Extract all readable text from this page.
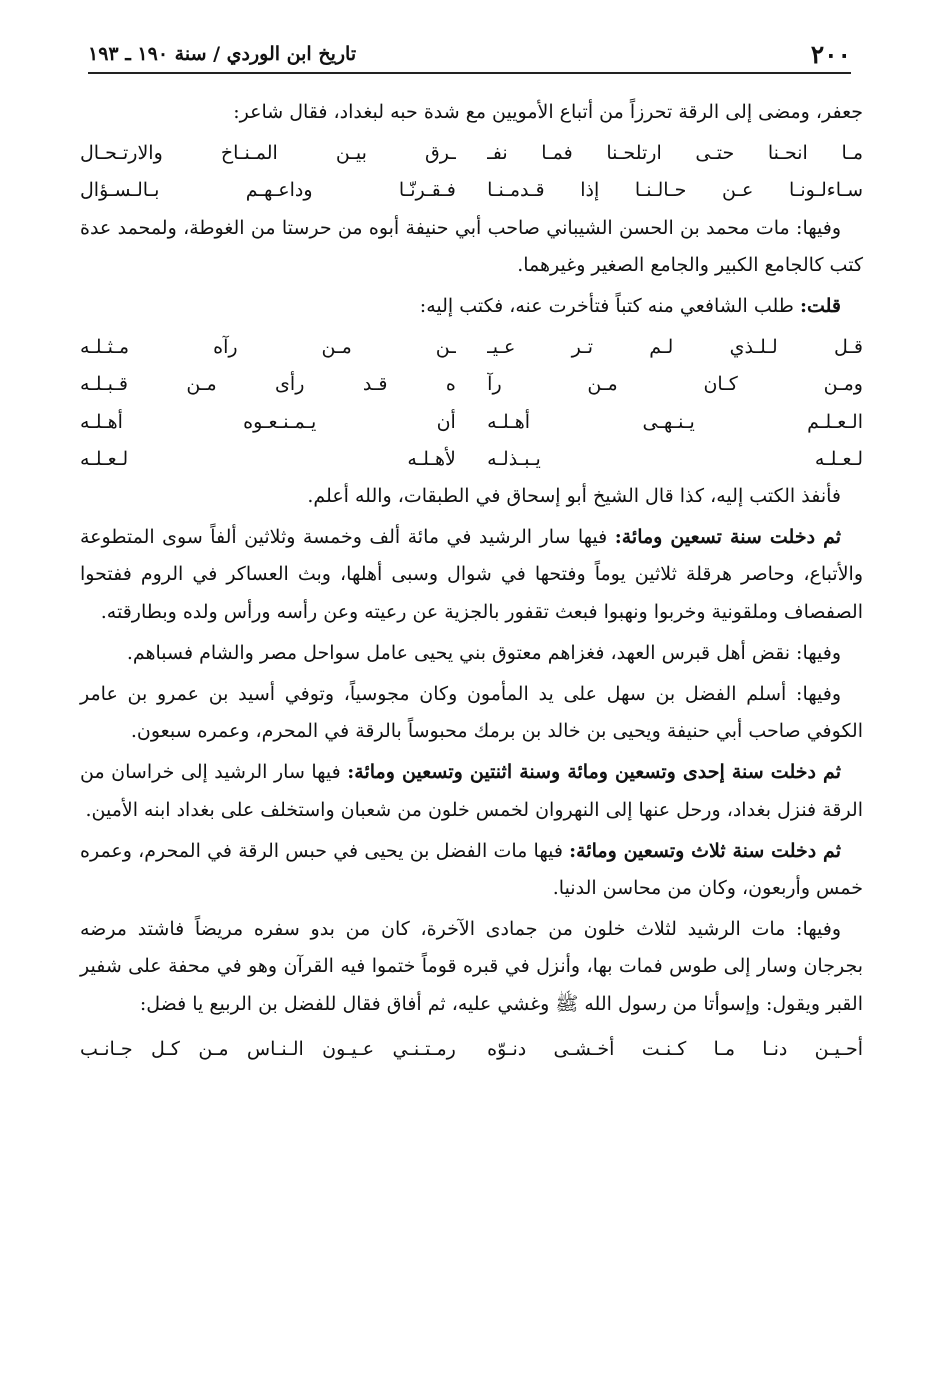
٢٠٠
تاريخ ابن الوردي / سنة ١٩٠ ـ ١٩٣

جعفر، ومضى إلى الرقة تحرزاً من أتباع الأمويين مع شدة حبه لبغداد، فقال شاعر:

مـا انحـنا حتـى ارتلحـنا فمـا نفـ
ـرق بيـن المـنـاخ والارتـحـال
سـاءلـونـا عـن حـالـنـا إذا قـدمـنـا
فـقـرنّـا وداعـهـم بـالـسـؤال

وفيها: مات محمد بن الحسن الشيباني صاحب أبي حنيفة أبوه من حرستا من الغوطة، ولمحمد عدة كتب كالجامع الكبير والجامع الصغير وغيرهما.

قلت: طلب الشافعي منه كتباً فتأخرت عنه، فكتب إليه:

قـل لـلـذي لـم تـر عـيـ
ـن مـن رآه مـثـلـه
ومـن كـان مـن رآ
ه قـد رأى مـن قـبـلـه
الـعـلـم يـنـهـى أهـلـه
أن يـمـنـعـوه أهـلـه
لـعـلـه يـبـذلـه
لأهـلـه لـعـلـه

فأنفذ الكتب إليه، كذا قال الشيخ أبو إسحاق في الطبقات، والله أعلم.

ثم دخلت سنة تسعين ومائة: فيها سار الرشيد في مائة ألف وخمسة وثلاثين ألفاً سوى المتطوعة والأتباع، وحاصر هرقلة ثلاثين يوماً وفتحها في شوال وسبى أهلها، وبث العساكر في الروم ففتحوا الصفصاف وملقونية وخربوا ونهبوا فبعث تقفور بالجزية عن رعيته وعن رأسه ورأس ولده وبطارقته.

وفيها: نقض أهل قبرس العهد، فغزاهم معتوق بني يحيى عامل سواحل مصر والشام فسباهم.

وفيها: أسلم الفضل بن سهل على يد المأمون وكان مجوسياً، وتوفي أسيد بن عمرو بن عامر الكوفي صاحب أبي حنيفة ويحيى بن خالد بن برمك محبوساً بالرقة في المحرم، وعمره سبعون.

ثم دخلت سنة إحدى وتسعين ومائة وسنة اثنتين وتسعين ومائة: فيها سار الرشيد إلى خراسان من الرقة فنزل بغداد، ورحل عنها إلى النهروان لخمس خلون من شعبان واستخلف على بغداد ابنه الأمين.

ثم دخلت سنة ثلاث وتسعين ومائة: فيها مات الفضل بن يحيى في حبس الرقة في المحرم، وعمره خمس وأربعون، وكان من محاسن الدنيا.

وفيها: مات الرشيد لثلاث خلون من جمادى الآخرة، كان من بدو سفره مريضاً فاشتد مرضه بجرجان وسار إلى طوس فمات بها، وأنزل في قبره قوماً ختموا فيه القرآن وهو في محفة على شفير القبر ويقول: وإسوأتا من رسول الله ﷺ وغشي عليه، ثم أفاق فقال للفضل بن الربيع يا فضل:

أحـيـن دنـا مـا كـنـت أخـشـى دنـوّه
رمـتـنـي عـيـون الـنـاس مـن كـل جـانـب
